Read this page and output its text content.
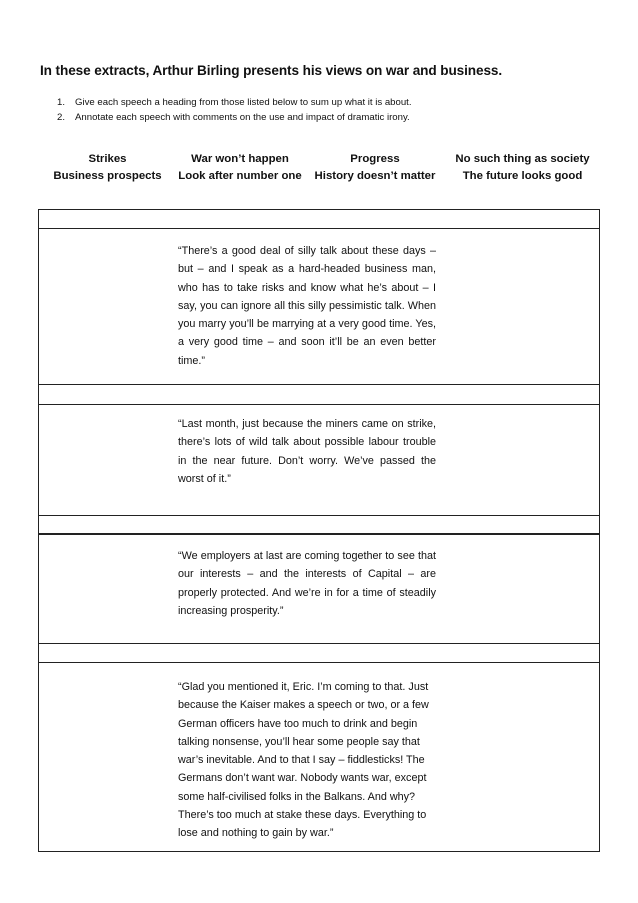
In these extracts, Arthur Birling presents his views on war and business.
1.	Give each speech a heading from those listed below to sum up what it is about.
2.	Annotate each speech with comments on the use and impact of dramatic irony.
Strikes	War won’t happen	Progress	No such thing as society
Business prospects	Look after number one	History doesn’t matter	The future looks good
“There’s a good deal of silly talk about these days – but – and I speak as a hard-headed business man, who has to take risks and know what he’s about – I say, you can ignore all this silly pessimistic talk. When you marry you’ll be marrying at a very good time. Yes, a very good time – and soon it’ll be an even better time.”
“Last month, just because the miners came on strike, there’s lots of wild talk about possible labour trouble in the near future. Don’t worry. We’ve passed the worst of it.”
“We employers at last are coming together to see that our interests – and the interests of Capital – are properly protected. And we’re in for a time of steadily increasing prosperity.”
“Glad you mentioned it, Eric. I’m coming to that. Just because the Kaiser makes a speech or two, or a few German officers have too much to drink and begin talking nonsense, you’ll hear some people say that war’s inevitable. And to that I say – fiddlesticks! The Germans don’t want war. Nobody wants war, except some half-civilised folks in the Balkans. And why? There’s too much at stake these days. Everything to lose and nothing to gain by war.”
